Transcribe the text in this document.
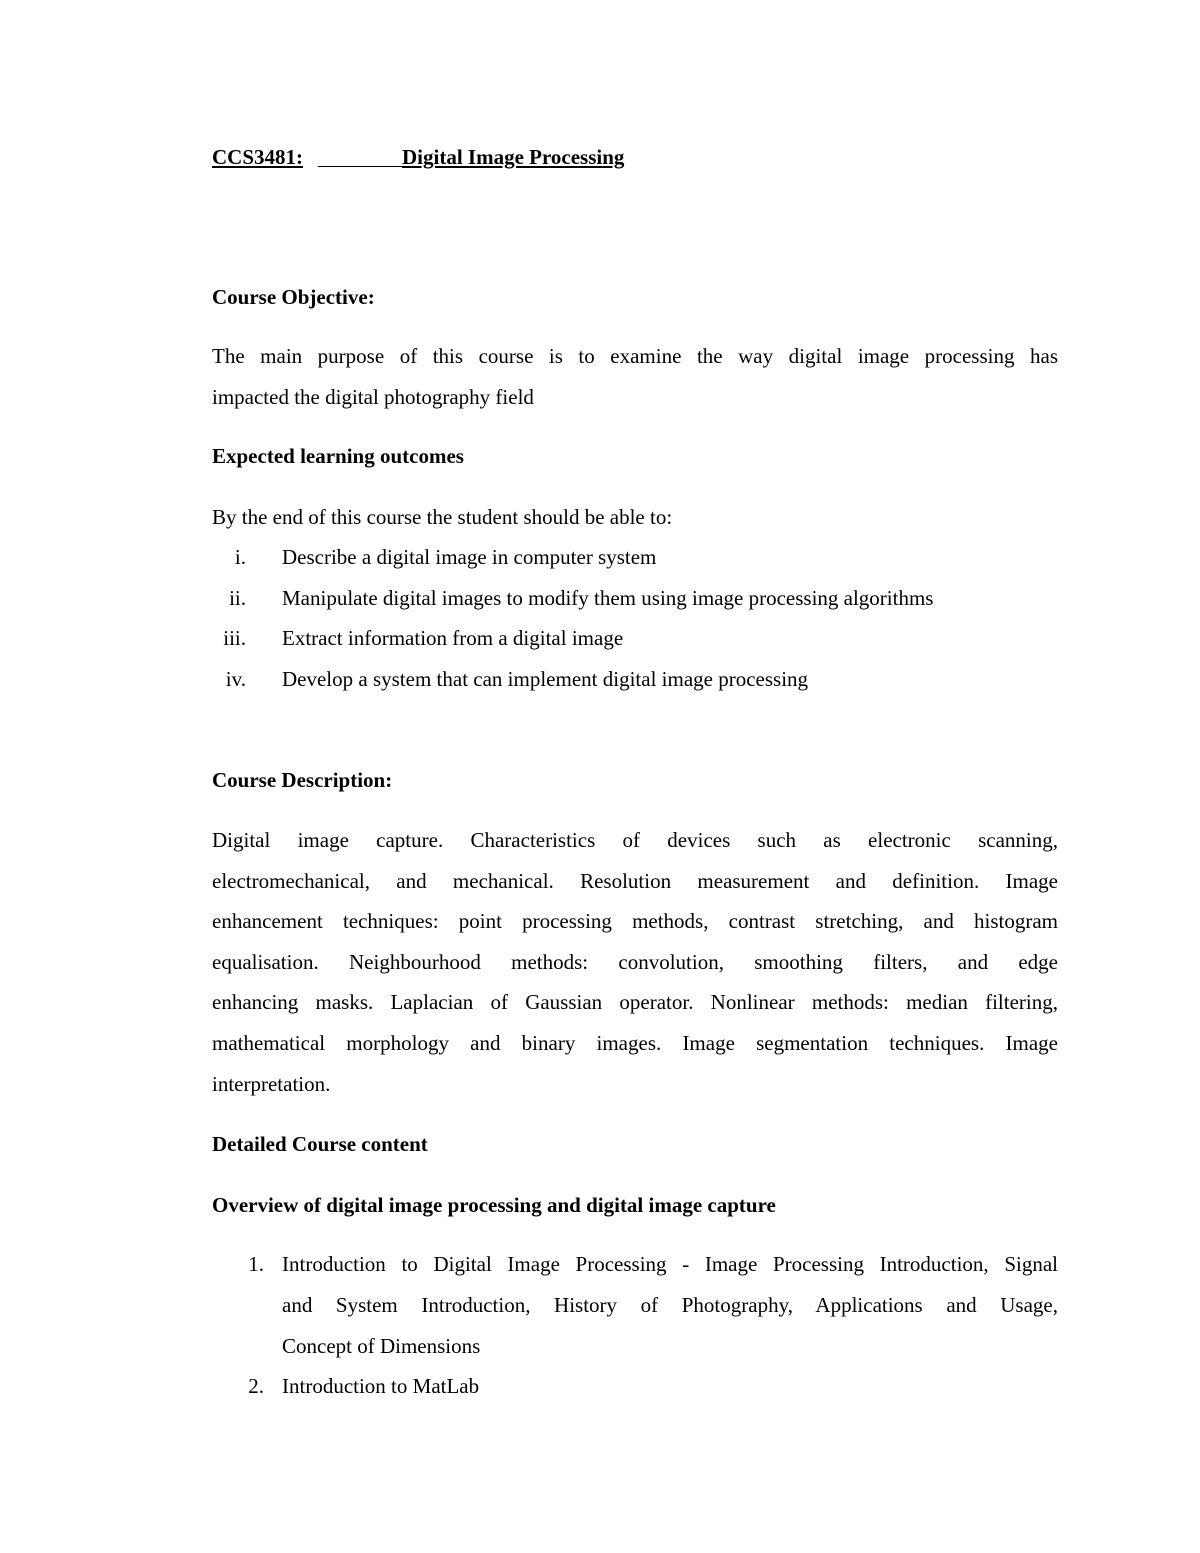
CCS3481:	Digital Image Processing
Course Objective:
The main purpose of this course is to examine the way digital image processing has
impacted the digital photography field
Expected learning outcomes
By the end of this course the student should be able to:
i. Describe a digital image in computer system
ii. Manipulate digital images to modify them using image processing algorithms
iii. Extract information from a digital image
iv. Develop a system that can implement digital image processing
Course Description:
Digital image capture. Characteristics of devices such as electronic scanning,
electromechanical, and mechanical. Resolution measurement and definition. Image
enhancement techniques: point processing methods, contrast stretching, and histogram
equalisation. Neighbourhood methods: convolution, smoothing filters, and edge
enhancing masks. Laplacian of Gaussian operator. Nonlinear methods: median filtering,
mathematical morphology and binary images. Image segmentation techniques. Image
interpretation.
Detailed Course content
Overview of digital image processing and digital image capture
1. Introduction to Digital Image Processing - Image Processing Introduction, Signal
and System Introduction, History of Photography, Applications and Usage,
Concept of Dimensions
2. Introduction to MatLab
